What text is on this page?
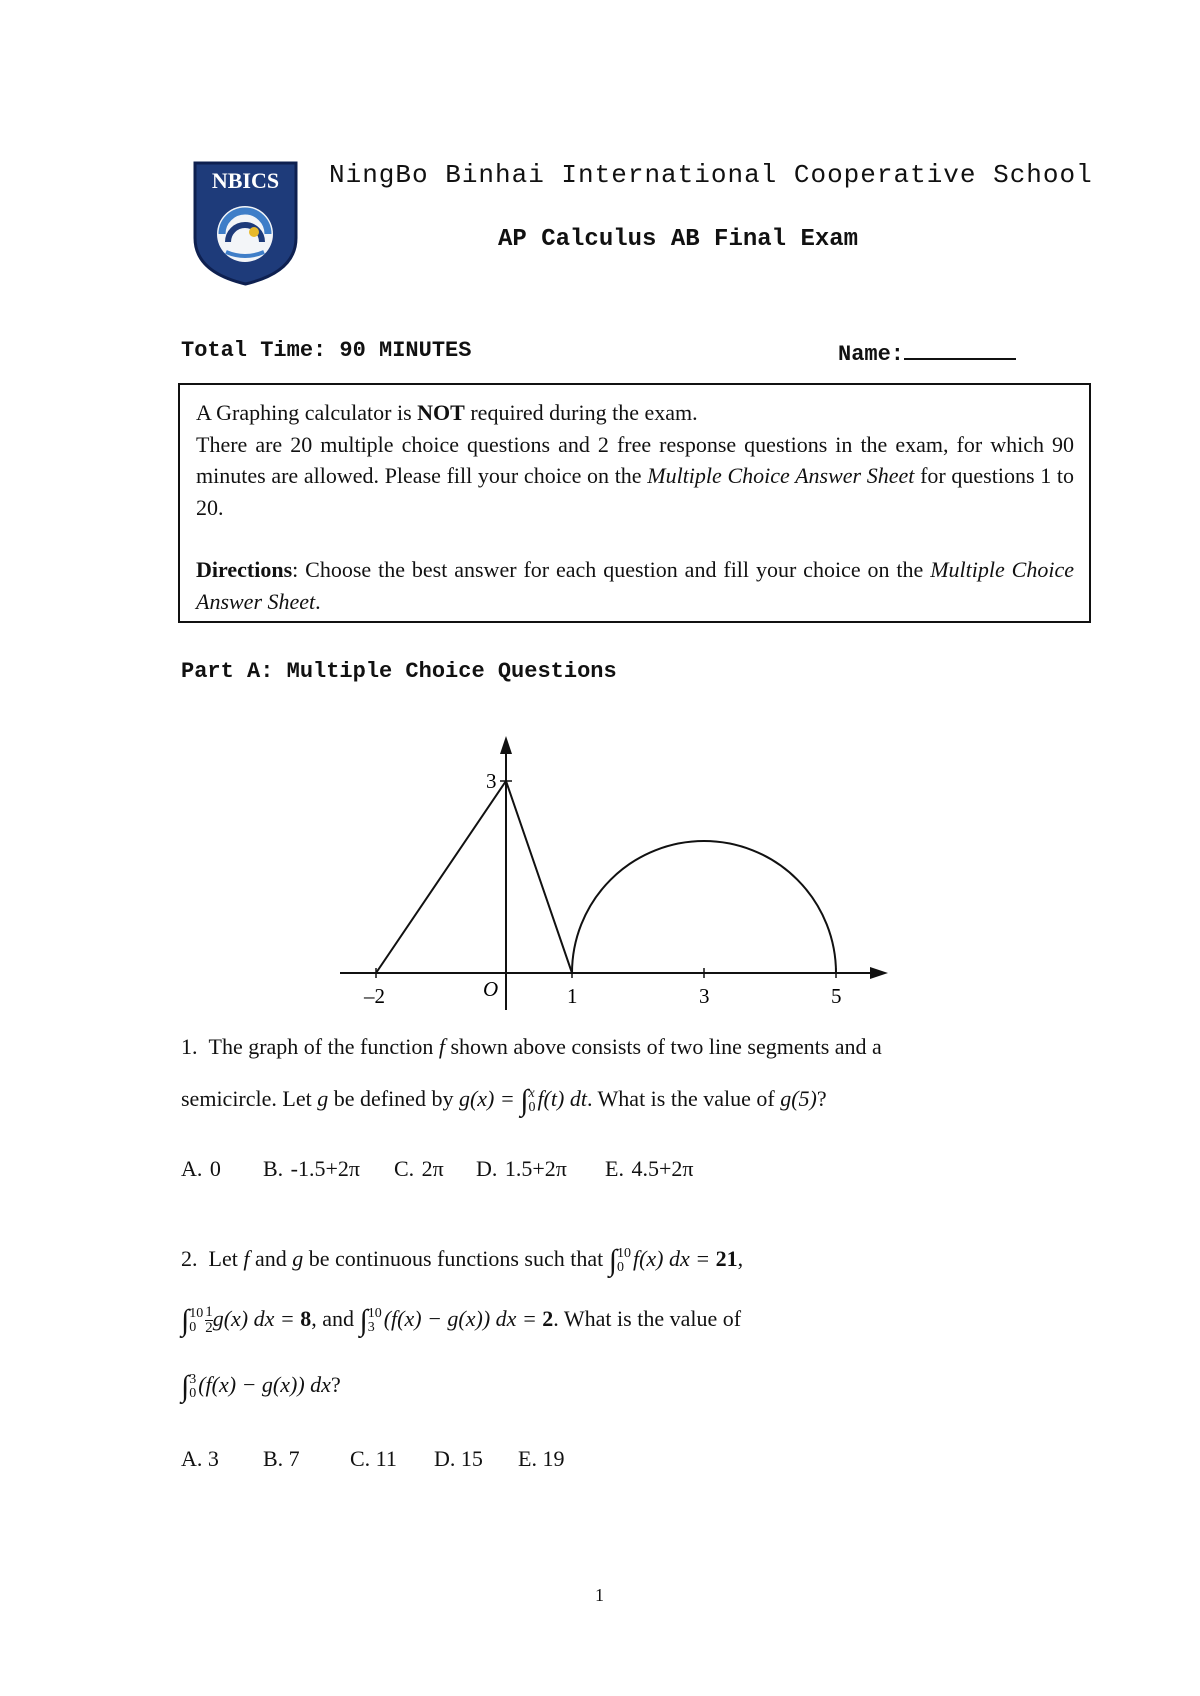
NBICS NingBo Binhai International Cooperative School
AP Calculus AB Final Exam
Total Time: 90 MINUTES	Name:

A Graphing calculator is NOT required during the exam.

There are 20 multiple choice questions and 2 free response questions in the exam, for which 90 minutes are allowed. Please fill your choice on the Multiple Choice Answer Sheet for questions 1 to 20.

Directions: Choose the best answer for each question and fill your choice on the Multiple Choice Answer Sheet.

Part A: Multiple Choice Questions
–2	1	3	5
3
O
1. The graph of the function f shown above consists of two line segments and a
semicircle. Let g be defined by g(x) = ∫ x
0 f(t) dt. What is the value of g(5)?
A. 0 B. -1.5+2π C. 2π D. 1.5+2π E. 4.5+2π
2. Let f and g be continuous functions such that ∫ 10
0 f(x) dx = 21,
∫ 10
$0 \frac{1}{2} g(x)$ dx = 8, and ∫ 10
3 (f(x) − g(x)) dx = 2. What is the value of
∫ 3
0 (f(x) − g(x)) dx?
A. 3 B. 7 C. 11 D. 15 E. 19
1
